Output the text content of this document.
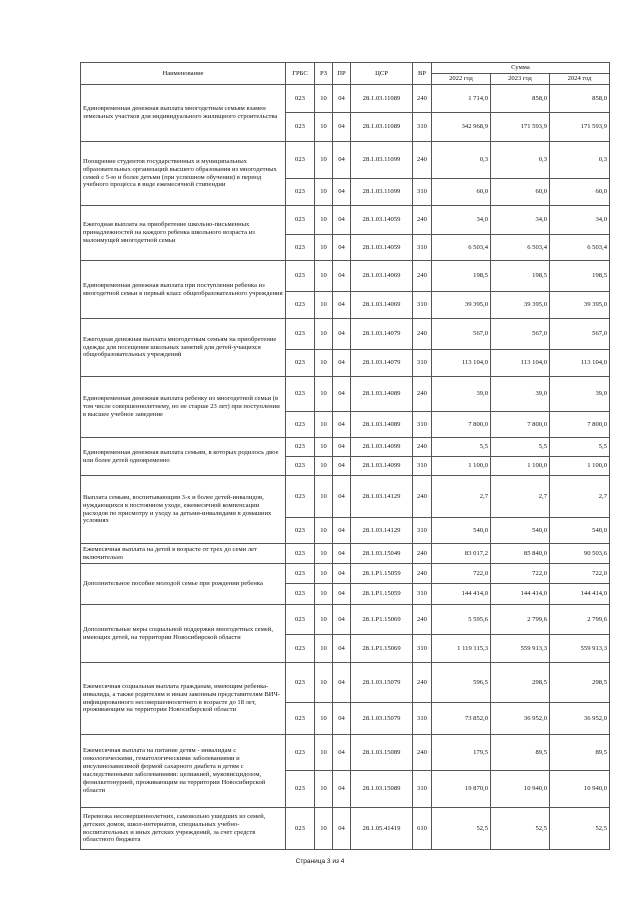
Наименование	ГРБС	РЗ	ПР	ЦСР	ВР	Сумма		
						2022 год	2023 год	2024 год
Единовременная денежная выплата многодетным семьям взамен земельных участков для индивидуального жилищного строительства	023	10	04	28.1.03.11089	240	1 714,0	858,0	858,0
	023	10	04	28.1.03.11089	310	342 968,9	171 593,9	171 593,9
Поощрение студентов государственных и муниципальных образовательных организаций высшего образования из многодетных семей с 5-ю и более детьми (при успешном обучении) в период учебного процесса в виде ежемесячной стипендии	023	10	04	28.1.03.11099	240	0,3	0,3	0,3
	023	10	04	28.1.03.11099	310	60,0	60,0	60,0
Ежегодная выплата на приобретение школьно-письменных принадлежностей на каждого ребенка школьного возраста из малоимущей многодетной семьи	023	10	04	28.1.03.14059	240	34,0	34,0	34,0
	023	10	04	28.1.03.14059	310	6 503,4	6 503,4	6 503,4
Единовременная денежная выплата при поступлении ребенка из многодетной семьи в первый класс общеобразовательного учреждения	023	10	04	28.1.03.14069	240	198,5	198,5	198,5
	023	10	04	28.1.03.14069	310	39 395,0	39 395,0	39 395,0
Ежегодная денежная выплата многодетным семьям на приобретение одежды для посещения школьных занятий для детей-учащихся общеобразовательных учреждений	023	10	04	28.1.03.14079	240	567,0	567,0	567,0
	023	10	04	28.1.03.14079	310	113 104,0	113 104,0	113 104,0
Единовременная денежная выплата ребенку из многодетной семьи (в том числе совершеннолетнему, но не старше 23 лет) при поступлении в высшее учебное заведение	023	10	04	28.1.03.14089	240	39,0	39,0	39,0
	023	10	04	28.1.03.14089	310	7 800,0	7 800,0	7 800,0
Единовременная денежная выплата семьям, в которых родилось двое или более детей одновременно	023	10	04	28.1.03.14099	240	5,5	5,5	5,5
	023	10	04	28.1.03.14099	310	1 100,0	1 100,0	1 100,0
Выплата семьям, воспитывающим 3-х и более детей-инвалидов, нуждающихся в постоянном уходе, ежемесячной компенсации расходов по присмотру и уходу за детьми-инвалидами в домашних условиях	023	10	04	28.1.03.14129	240	2,7	2,7	2,7
	023	10	04	28.1.03.14129	310	540,0	540,0	540,0
Ежемесячная выплата на детей в возрасте от трех до семи лет включительно	023	10	04	28.1.03.15049	240	83 017,2	85 840,0	90 503,6
Дополнительное пособие молодой семье при рождении ребенка	023	10	04	28.1.P1.15059	240	722,0	722,0	722,0
	023	10	04	28.1.P1.15059	310	144 414,0	144 414,0	144 414,0
Дополнительные меры социальной поддержки многодетных семей, имеющих детей, на территории Новосибирской области	023	10	04	28.1.P1.15069	240	5 595,6	2 799,6	2 799,6
	023	10	04	28.1.P1.15069	310	1 119 115,3	559 913,3	559 913,3
Ежемесячная социальная выплата гражданам, имеющим ребенка-инвалида, а также родителям и иным законным представителям ВИЧ-инфицированного несовершеннолетнего в возрасте до 18 лет, проживающим на территории Новосибирской области	023	10	04	28.1.03.15079	240	596,5	298,5	298,5
	023	10	04	28.1.03.15079	310	73 852,0	36 952,0	36 952,0
Ежемесячная выплата на питание детям - инвалидам с онкологическими, гематологическими заболеваниями и инсулинозависимой формой сахарного диабета и детям с наследственными заболеваниями: целиакией, муковисцидозом, фенилкетонурией, проживающим на территории Новосибирской области	023	10	04	28.1.03.15089	240	179,5	89,5	89,5
	023	10	04	28.1.03.15089	310	19 870,0	10 940,0	10 940,0
Перевозка несовершеннолетних, самовольно ушедших из семей, детских домов, школ-интернатов, специальных учебно-воспитательных и иных детских учреждений, за счет средств областного бюджета	023	10	04	28.1.05.41419	610	52,5	52,5	52,5
Страница 3 из 4
